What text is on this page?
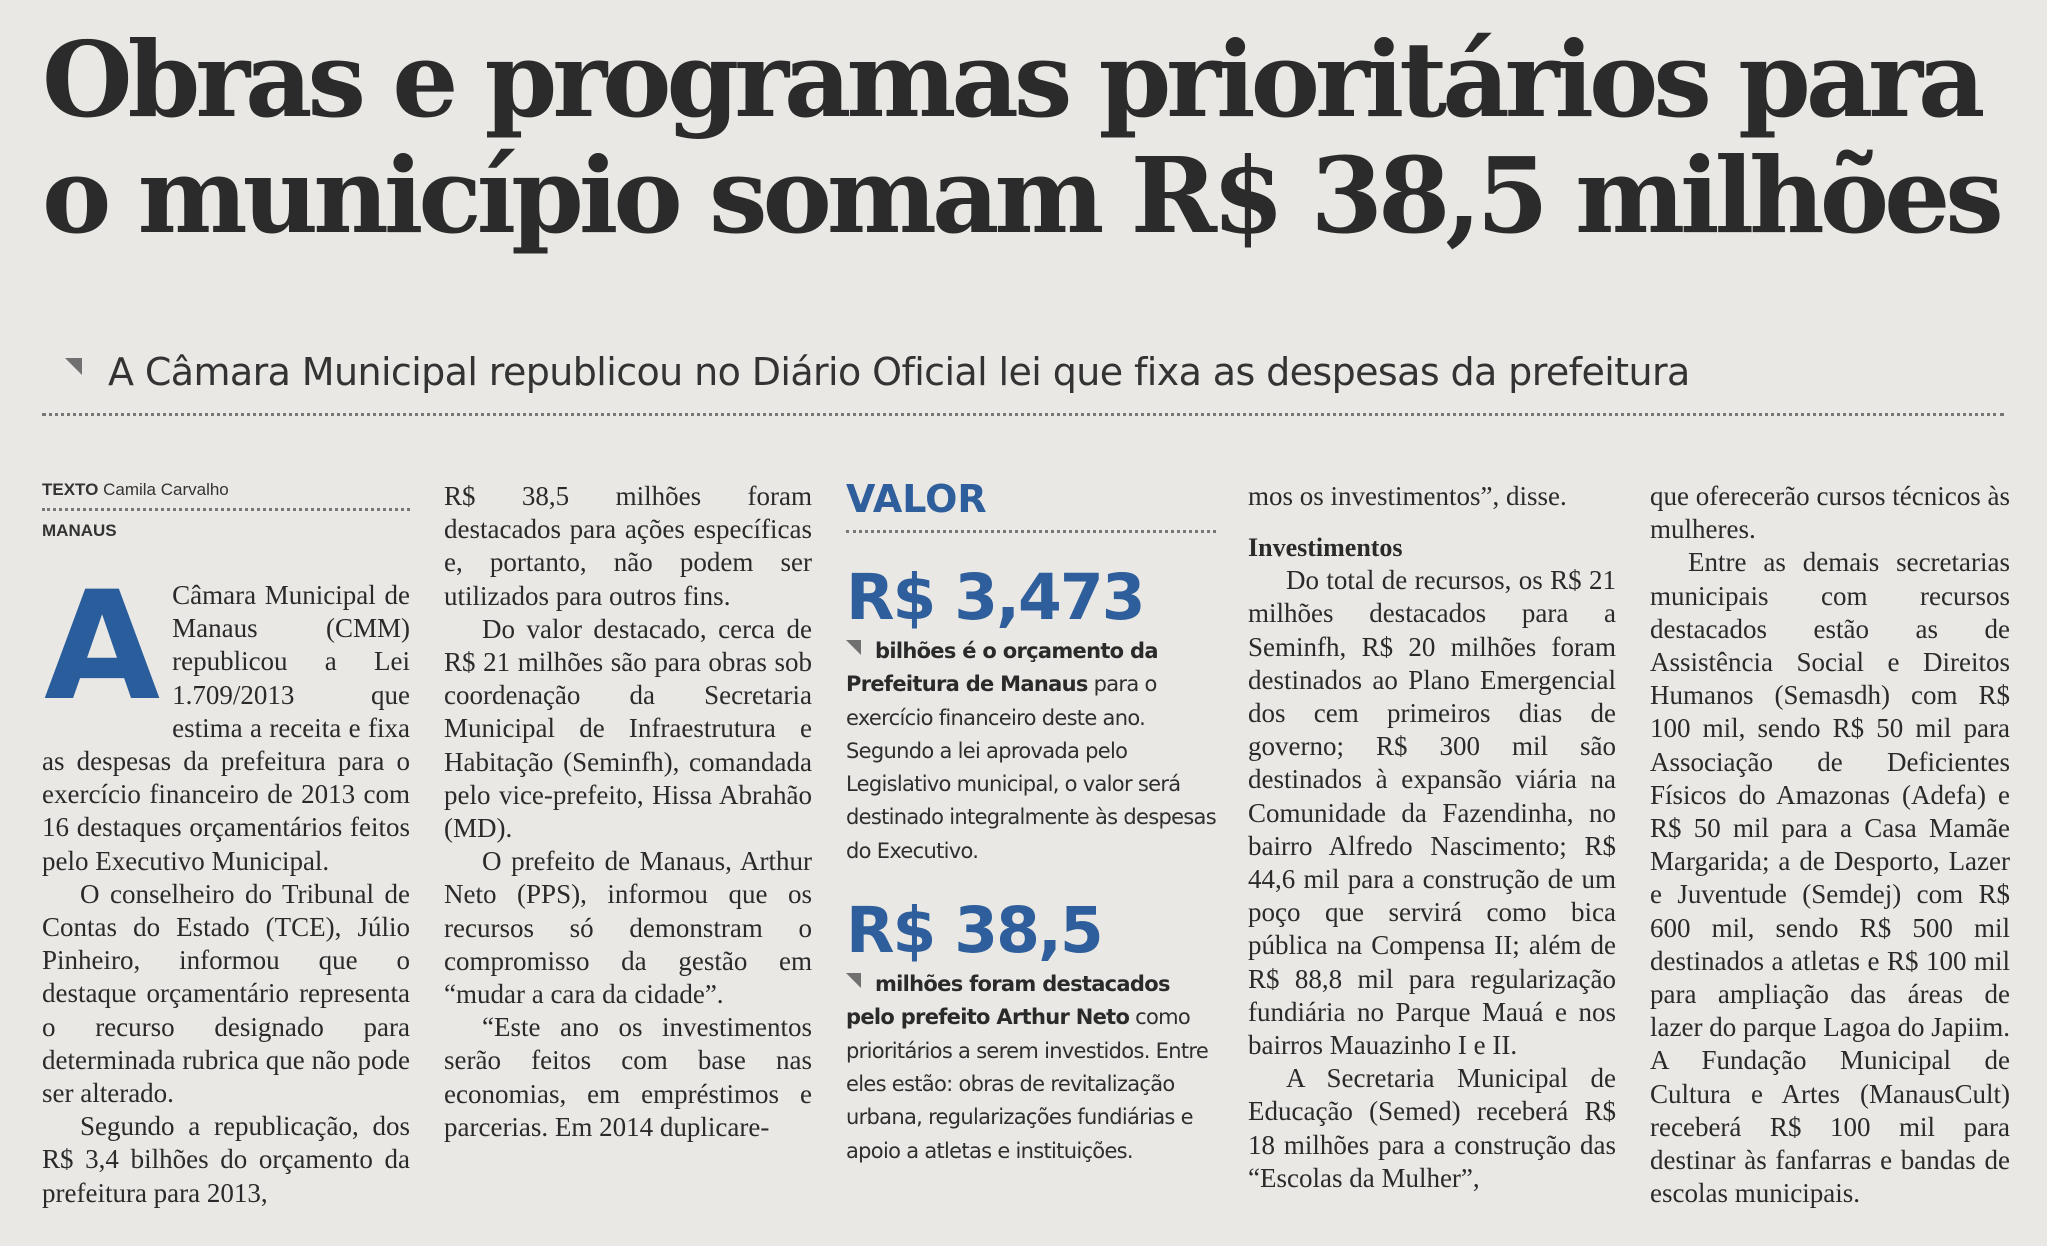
Obras e programas prioritários para
o município somam R$ 38,5 milhões
A Câmara Municipal republicou no Diário Oficial lei que fixa as despesas da prefeitura
TEXTO Camila Carvalho
MANAUS

A Câmara Municipal de Manaus (CMM) republicou a Lei 1.709/2013 que estima a receita e fixa as despesas da prefeitura para o exercício financeiro de 2013 com 16 destaques orçamentários feitos pelo Executivo Municipal.

O conselheiro do Tribunal de Contas do Estado (TCE), Júlio Pinheiro, informou que o destaque orçamentário representa o recurso designado para determinada rubrica que não pode ser alterado.

Segundo a republicação, dos R$ 3,4 bilhões do orçamento da prefeitura para 2013,

R$ 38,5 milhões foram destacados para ações específicas e, portanto, não podem ser utilizados para outros fins.

Do valor destacado, cerca de R$ 21 milhões são para obras sob coordenação da Secretaria Municipal de Infraestrutura e Habitação (Seminfh), comandada pelo vice-prefeito, Hissa Abrahão (MD).

O prefeito de Manaus, Arthur Neto (PPS), informou que os recursos só demonstram o compromisso da gestão em “mudar a cara da cidade”.

“Este ano os investimentos serão feitos com base nas economias, em empréstimos e parcerias. Em 2014 duplicare-

VALOR
R$ 3,473
bilhões é o orçamento da Prefeitura de Manaus para o exercício financeiro deste ano. Segundo a lei aprovada pelo Legislativo municipal, o valor será destinado integralmente às despesas do Executivo.
R$ 38,5
milhões foram destacados pelo prefeito Arthur Neto como prioritários a serem investidos. Entre eles estão: obras de revitalização urbana, regularizações fundiárias e apoio a atletas e instituições.

mos os investimentos”, disse.

Investimentos

Do total de recursos, os R$ 21 milhões destacados para a Seminfh, R$ 20 milhões foram destinados ao Plano Emergencial dos cem primeiros dias de governo; R$ 300 mil são destinados à expansão viária na Comunidade da Fazendinha, no bairro Alfredo Nascimento; R$ 44,6 mil para a construção de um poço que servirá como bica pública na Compensa II; além de R$ 88,8 mil para regularização fundiária no Parque Mauá e nos bairros Mauazinho I e II.

A Secretaria Municipal de Educação (Semed) receberá R$ 18 milhões para a construção das “Escolas da Mulher”,

que oferecerão cursos técnicos às mulheres.

Entre as demais secretarias municipais com recursos destacados estão as de Assistência Social e Direitos Humanos (Semasdh) com R$ 100 mil, sendo R$ 50 mil para Associação de Deficientes Físicos do Amazonas (Adefa) e R$ 50 mil para a Casa Mamãe Margarida; a de Desporto, Lazer e Juventude (Semdej) com R$ 600 mil, sendo R$ 500 mil destinados a atletas e R$ 100 mil para ampliação das áreas de lazer do parque Lagoa do Japiim. A Fundação Municipal de Cultura e Artes (ManausCult) receberá R$ 100 mil para destinar às fanfarras e bandas de escolas municipais.
